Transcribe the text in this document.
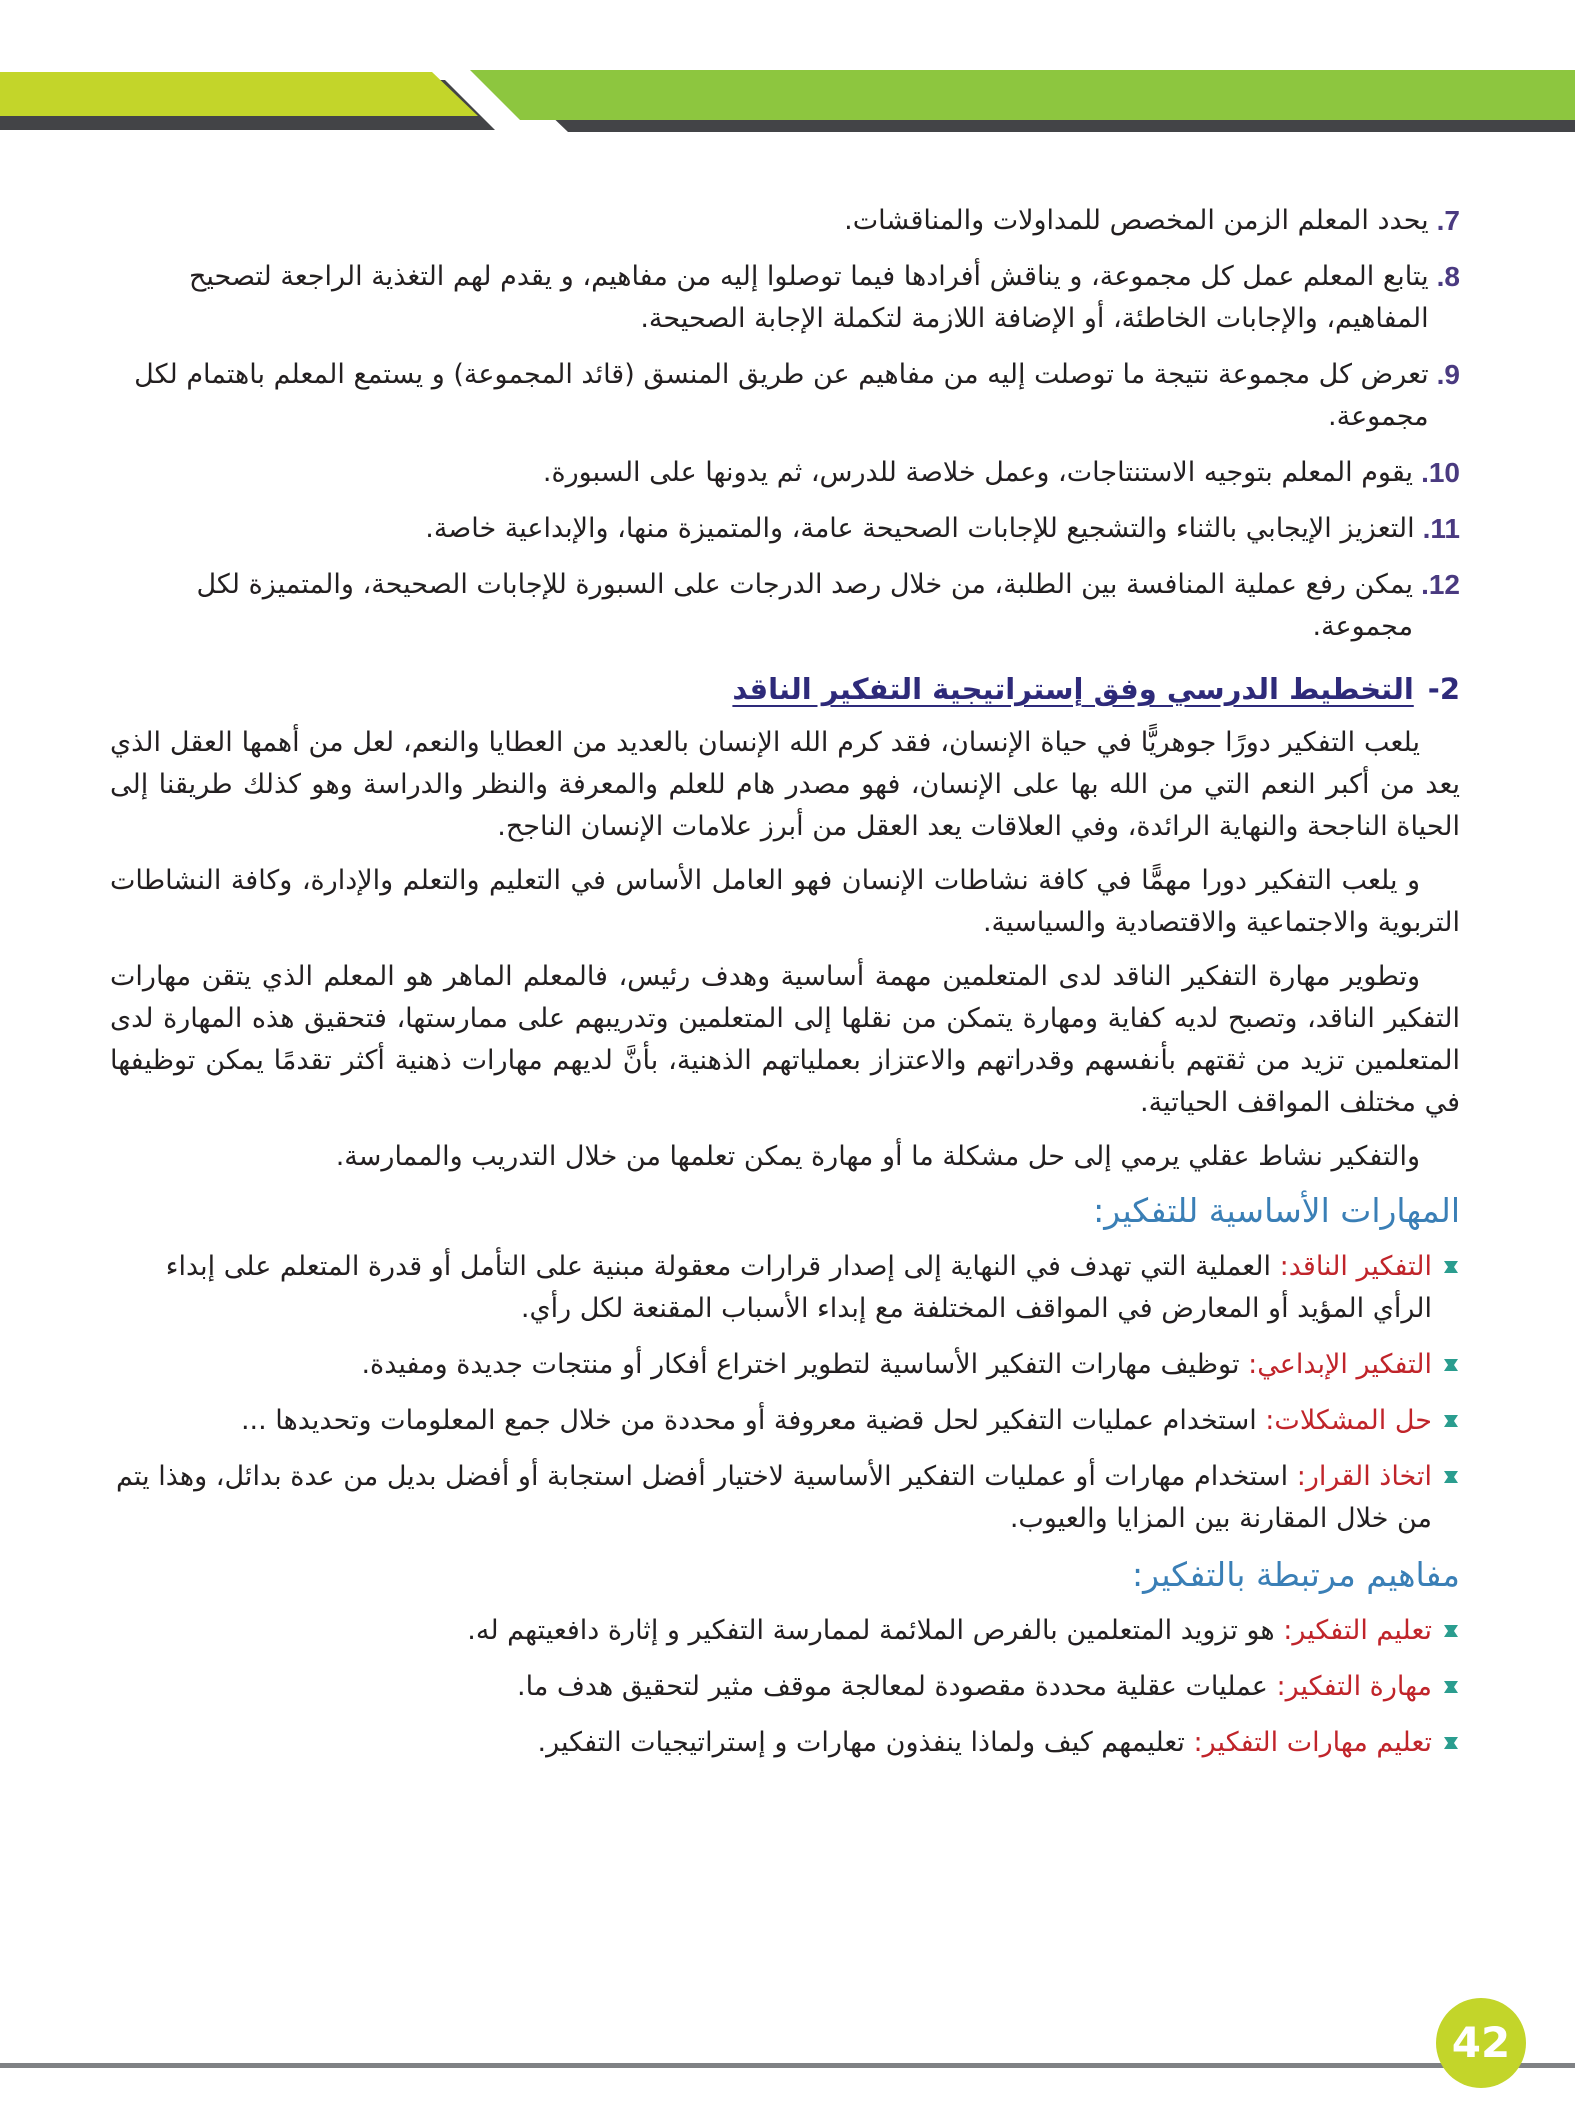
.7
يحدد المعلم الزمن المخصص للمداولات والمناقشات.
.8
يتابع المعلم عمل كل مجموعة، و يناقش أفرادها فيما توصلوا إليه من مفاهيم، و يقدم لهم التغذية الراجعة لتصحيح المفاهيم، والإجابات الخاطئة، أو الإضافة اللازمة لتكملة الإجابة الصحيحة.
.9
تعرض كل مجموعة نتيجة ما توصلت إليه من مفاهيم عن طريق المنسق (قائد المجموعة) و يستمع المعلم باهتمام لكل مجموعة.
.10
يقوم المعلم بتوجيه الاستنتاجات، وعمل خلاصة للدرس، ثم يدونها على السبورة.
.11
التعزيز الإيجابي بالثناء والتشجيع للإجابات الصحيحة عامة، والمتميزة منها، والإبداعية خاصة.
.12
يمكن رفع عملية المنافسة بين الطلبة، من خلال رصد الدرجات على السبورة للإجابات الصحيحة، والمتميزة لكل مجموعة.
-2
التخطيط الدرسي وفق إستراتيجية التفكير الناقد

يلعب التفكير دورًا جوهريًّا في حياة الإنسان، فقد كرم الله الإنسان بالعديد من العطايا والنعم، لعل من أهمها العقل الذي يعد من أكبر النعم التي من الله بها على الإنسان، فهو مصدر هام للعلم والمعرفة والنظر والدراسة وهو كذلك طريقنا إلى الحياة الناجحة والنهاية الرائدة، وفي العلاقات يعد العقل من أبرز علامات الإنسان الناجح.

و يلعب التفكير دورا مهمًّا في كافة نشاطات الإنسان فهو العامل الأساس في التعليم والتعلم والإدارة، وكافة النشاطات التربوية والاجتماعية والاقتصادية والسياسية.

وتطوير مهارة التفكير الناقد لدى المتعلمين مهمة أساسية وهدف رئيس، فالمعلم الماهر هو المعلم الذي يتقن مهارات التفكير الناقد، وتصبح لديه كفاية ومهارة يتمكن من نقلها إلى المتعلمين وتدريبهم على ممارستها، فتحقيق هذه المهارة لدى المتعلمين تزيد من ثقتهم بأنفسهم وقدراتهم والاعتزاز بعملياتهم الذهنية، بأنَّ لديهم مهارات ذهنية أكثر تقدمًا يمكن توظيفها في مختلف المواقف الحياتية.

والتفكير نشاط عقلي يرمي إلى حل مشكلة ما أو مهارة يمكن تعلمها من خلال التدريب والممارسة.

المهارات الأساسية للتفكير:
التفكير الناقد: العملية التي تهدف في النهاية إلى إصدار قرارات معقولة مبنية على التأمل أو قدرة المتعلم على إبداء الرأي المؤيد أو المعارض في المواقف المختلفة مع إبداء الأسباب المقنعة لكل رأي.
التفكير الإبداعي: توظيف مهارات التفكير الأساسية لتطوير اختراع أفكار أو منتجات جديدة ومفيدة.
حل المشكلات: استخدام عمليات التفكير لحل قضية معروفة أو محددة من خلال جمع المعلومات وتحديدها ...
اتخاذ القرار: استخدام مهارات أو عمليات التفكير الأساسية لاختيار أفضل استجابة أو أفضل بديل من عدة بدائل، وهذا يتم من خلال المقارنة بين المزايا والعيوب.
مفاهيم مرتبطة بالتفكير:
تعليم التفكير: هو تزويد المتعلمين بالفرص الملائمة لممارسة التفكير و إثارة دافعيتهم له.
مهارة التفكير: عمليات عقلية محددة مقصودة لمعالجة موقف مثير لتحقيق هدف ما.
تعليم مهارات التفكير: تعليمهم كيف ولماذا ينفذون مهارات و إستراتيجيات التفكير.
42
